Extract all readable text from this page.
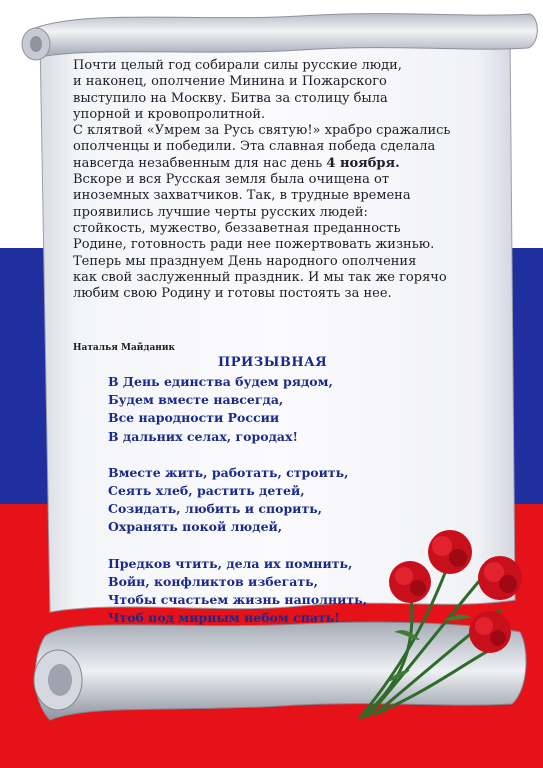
Почти целый год собирали силы русские люди,

и наконец, ополчение Минина и Пожарского

выступило на Москву. Битва за столицу была

упорной и кровопролитной.

С клятвой «Умрем за Русь святую!» храбро сражались

ополченцы и победили. Эта славная победа сделала

навсегда незабвенным для нас день 4 ноября.

Вскоре и вся Русская земля была очищена от

иноземных захватчиков. Так, в трудные времена

проявились лучшие черты русских людей:

стойкость, мужество, беззаветная преданность

Родине, готовность ради нее пожертвовать жизнью.

Теперь мы празднуем День народного ополчения

как свой заслуженный праздник. И мы так же горячо

любим свою Родину и готовы постоять за нее.

Наталья Майданик
ПРИЗЫВНАЯ
В День единства будем рядом,
Будем вместе навсегда,
Все народности России
В дальних селах, городах!
Вместе жить, работать, строить,
Сеять хлеб, растить детей,
Созидать, любить и спорить,
Охранять покой людей,
Предков чтить, дела их помнить,
Войн, конфликтов избегать,
Чтобы счастьем жизнь наполнить,
Чтоб под мирным небом спать!
